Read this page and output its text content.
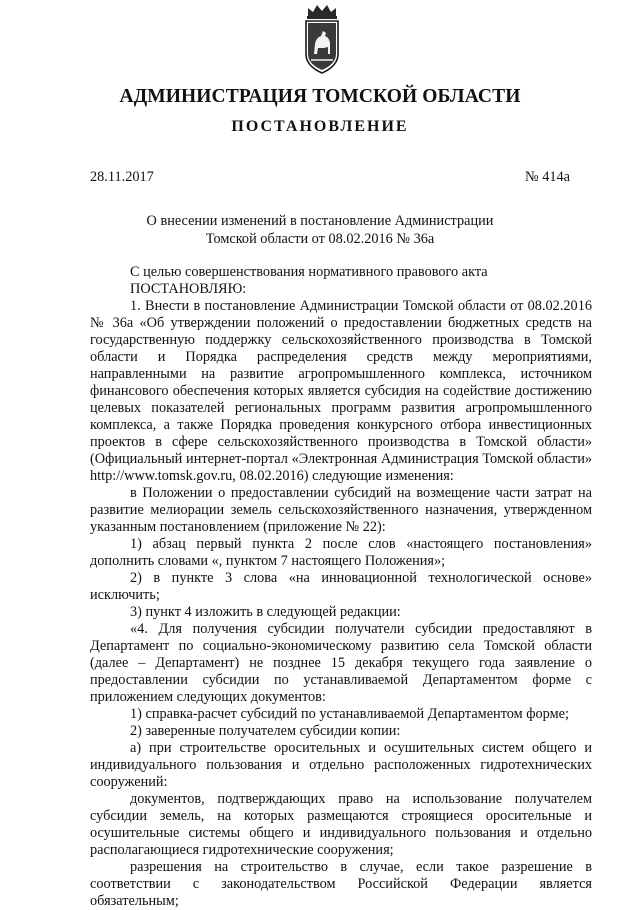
АДМИНИСТРАЦИЯ ТОМСКОЙ ОБЛАСТИ
ПОСТАНОВЛЕНИЕ
28.11.2017	№ 414а
О внесении изменений в постановление Администрации
Томской области от 08.02.2016 № 36а

С целью совершенствования нормативного правового акта

ПОСТАНОВЛЯЮ:

1. Внести в постановление Администрации Томской области от 08.02.2016 № 36а «Об утверждении положений о предоставлении бюджетных средств на государственную поддержку сельскохозяйственного производства в Томской области и Порядка распределения средств между мероприятиями, направленными на развитие агропромышленного комплекса, источником финансового обеспечения которых является субсидия на содействие достижению целевых показателей региональных программ развития агропромышленного комплекса, а также Порядка проведения конкурсного отбора инвестиционных проектов в сфере сельскохозяйственного производства в Томской области» (Официальный интернет-портал «Электронная Администрация Томской области» http://www.tomsk.gov.ru, 08.02.2016) следующие изменения:

в Положении о предоставлении субсидий на возмещение части затрат на развитие мелиорации земель сельскохозяйственного назначения, утвержденном указанным постановлением (приложение № 22):

1) абзац первый пункта 2 после слов «настоящего постановления» дополнить словами «, пунктом 7 настоящего Положения»;

2) в пункте 3 слова «на инновационной технологической основе» исключить;

3) пункт 4 изложить в следующей редакции:

«4. Для получения субсидии получатели субсидии предоставляют в Департамент по социально-экономическому развитию села Томской области (далее – Департамент) не позднее 15 декабря текущего года заявление о предоставлении субсидии по устанавливаемой Департаментом форме с приложением следующих документов:

1) справка-расчет субсидий по устанавливаемой Департаментом форме;

2) заверенные получателем субсидии копии:

а) при строительстве оросительных и осушительных систем общего и индивидуального пользования и отдельно расположенных гидротехнических сооружений:

документов, подтверждающих право на использование получателем субсидии земель, на которых размещаются строящиеся оросительные и осушительные системы общего и индивидуального пользования и отдельно располагающиеся гидротехнические сооружения;

разрешения на строительство в случае, если такое разрешение в соответствии с законодательством Российской Федерации является обязательным;
